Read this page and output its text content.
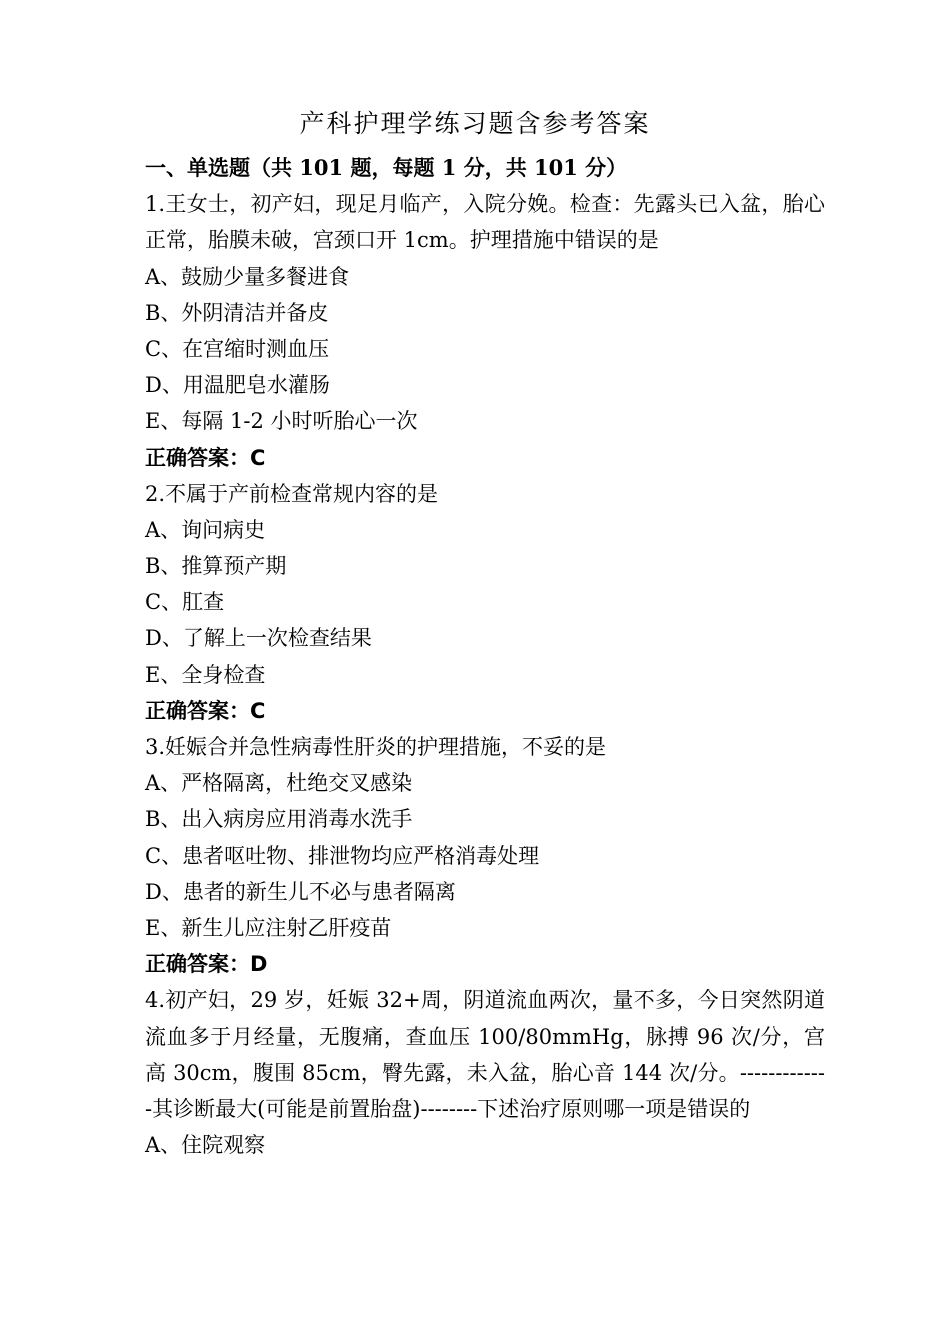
产科护理学练习题含参考答案
一、单选题（共 101 题，每题 1 分，共 101 分）
1.王女士，初产妇，现足月临产，入院分娩。检查：先露头已入盆，胎心 正常，胎膜未破，宫颈口开 1cm。护理措施中错误的是
A、鼓励少量多餐进食
B、外阴清洁并备皮
C、在宫缩时测血压
D、用温肥皂水灌肠
E、每隔 1-2 小时听胎心一次
正确答案：C
2.不属于产前检查常规内容的是
A、询问病史
B、推算预产期
C、肛查
D、了解上一次检查结果
E、全身检查
正确答案：C
3.妊娠合并急性病毒性肝炎的护理措施，不妥的是
A、严格隔离，杜绝交叉感染
B、出入病房应用消毒水洗手
C、患者呕吐物、排泄物均应严格消毒处理
D、患者的新生儿不必与患者隔离
E、新生儿应注射乙肝疫苗
正确答案：D
4.初产妇，29 岁，妊娠 32+周，阴道流血两次，量不多，今日突然阴道流血多于月经量，无腹痛，查血压 100/80mmHg，脉搏 96 次/分，宫高 30cm，腹围 85cm，臀先露，未入盆，胎心音 144 次/分。-------------其诊断最大(可能是前置胎盘)--------下述治疗原则哪一项是错误的
A、住院观察
